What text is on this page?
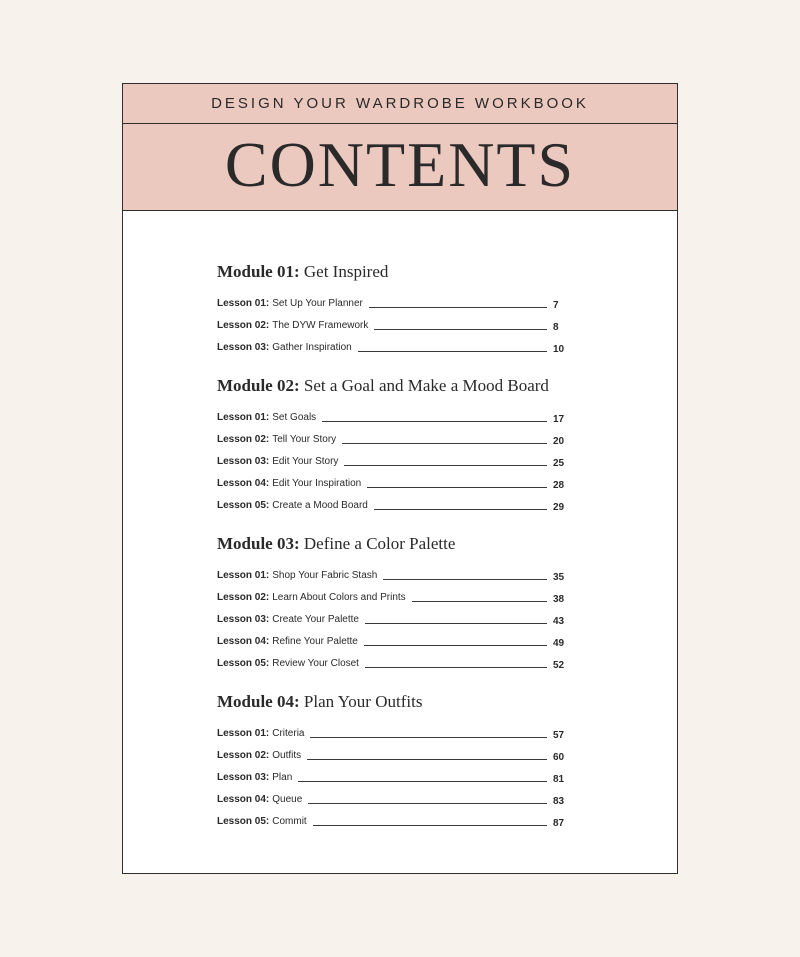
DESIGN YOUR WARDROBE WORKBOOK
CONTENTS
Module 01: Get Inspired
Lesson 01: Set Up Your Planner	7
Lesson 02: The DYW Framework	8
Lesson 03: Gather Inspiration	10
Module 02: Set a Goal and Make a Mood Board
Lesson 01: Set Goals	17
Lesson 02: Tell Your Story	20
Lesson 03: Edit Your Story	25
Lesson 04: Edit Your Inspiration	28
Lesson 05: Create a Mood Board	29
Module 03: Define a Color Palette
Lesson 01: Shop Your Fabric Stash	35
Lesson 02: Learn About Colors and Prints	38
Lesson 03: Create Your Palette	43
Lesson 04: Refine Your Palette	49
Lesson 05: Review Your Closet	52
Module 04: Plan Your Outfits
Lesson 01: Criteria	57
Lesson 02: Outfits	60
Lesson 03: Plan	81
Lesson 04: Queue	83
Lesson 05: Commit	87
